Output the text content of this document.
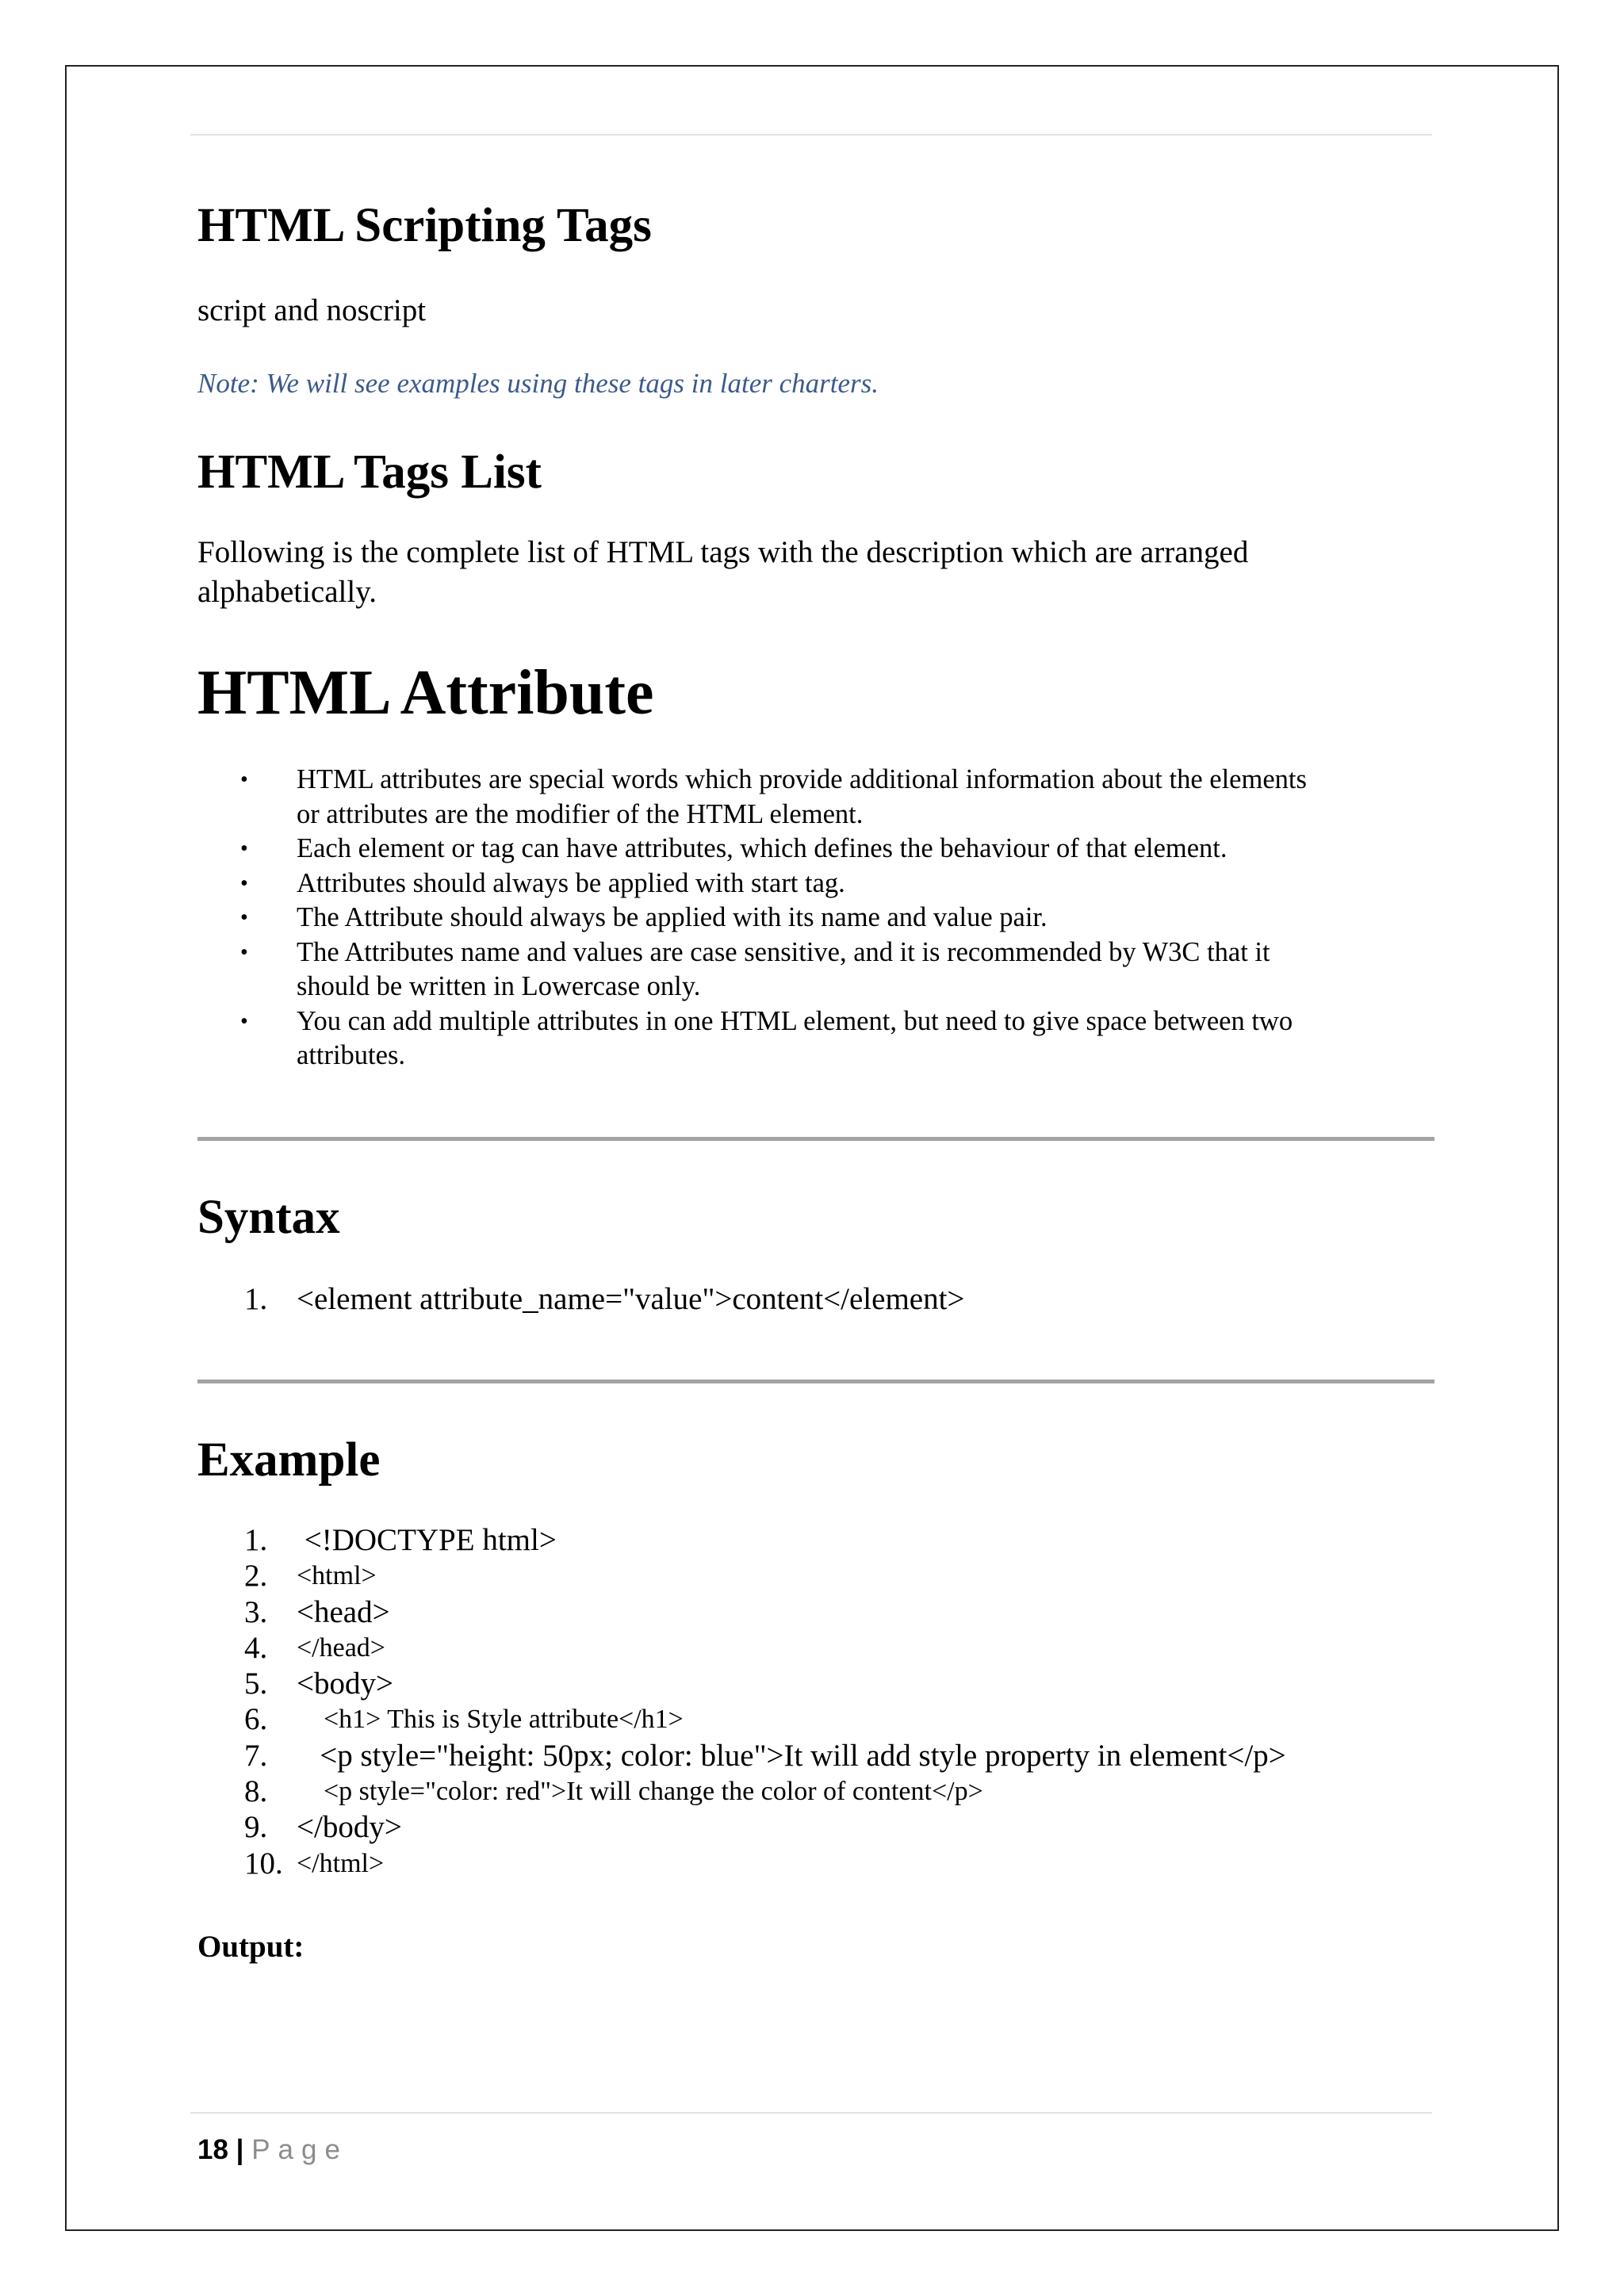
HTML Scripting Tags

script and noscript

Note: We will see examples using these tags in later charters.

HTML Tags List

Following is the complete list of HTML tags with the description which are arranged

alphabetically.

HTML Attribute
• HTML attributes are special words which provide additional information about the elements
or attributes are the modifier of the HTML element.
• Each element or tag can have attributes, which defines the behaviour of that element.
• Attributes should always be applied with start tag.
• The Attribute should always be applied with its name and value pair.
• The Attributes name and values are case sensitive, and it is recommended by W3C that it
should be written in Lowercase only.
• You can add multiple attributes in one HTML element, but need to give space between two
attributes.
Syntax
1. <element attribute_name="value">content</element>
Example
1. <!DOCTYPE html>
2. <html>
3. <head>
4. </head>
5. <body>
6. <h1> This is Style attribute</h1>
7. <p style="height: 50px; color: blue">It will add style property in element</p>
8. <p style="color: red">It will change the color of content</p>
9. </body>
10. </html>

Output:

18 | Page
